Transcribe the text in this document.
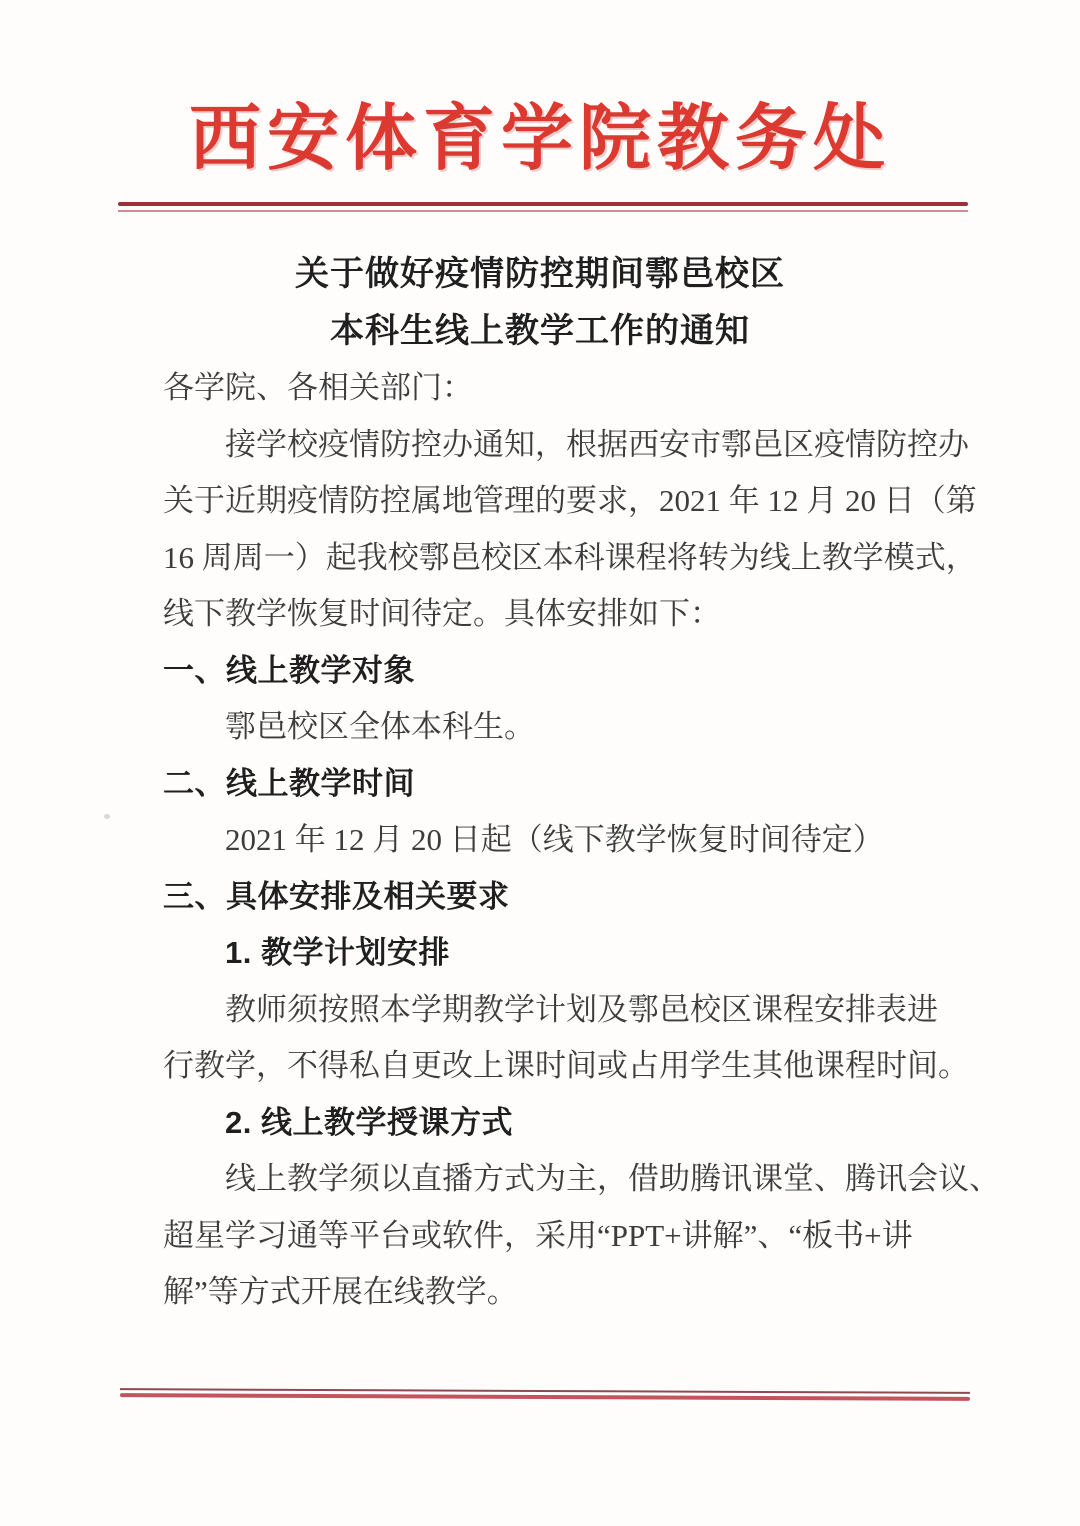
西安体育学院教务处
关于做好疫情防控期间鄠邑校区
本科生线上教学工作的通知
各学院、各相关部门：
接学校疫情防控办通知，根据西安市鄠邑区疫情防控办
关于近期疫情防控属地管理的要求，2021 年 12 月 20 日（第
16 周周一）起我校鄠邑校区本科课程将转为线上教学模式，
线下教学恢复时间待定。具体安排如下：
一、线上教学对象
鄠邑校区全体本科生。
二、线上教学时间
2021 年 12 月 20 日起（线下教学恢复时间待定）
三、具体安排及相关要求
1. 教学计划安排
教师须按照本学期教学计划及鄠邑校区课程安排表进
行教学，不得私自更改上课时间或占用学生其他课程时间。
2. 线上教学授课方式
线上教学须以直播方式为主，借助腾讯课堂、腾讯会议、
超星学习通等平台或软件，采用“PPT+讲解”、“板书+讲
解”等方式开展在线教学。
